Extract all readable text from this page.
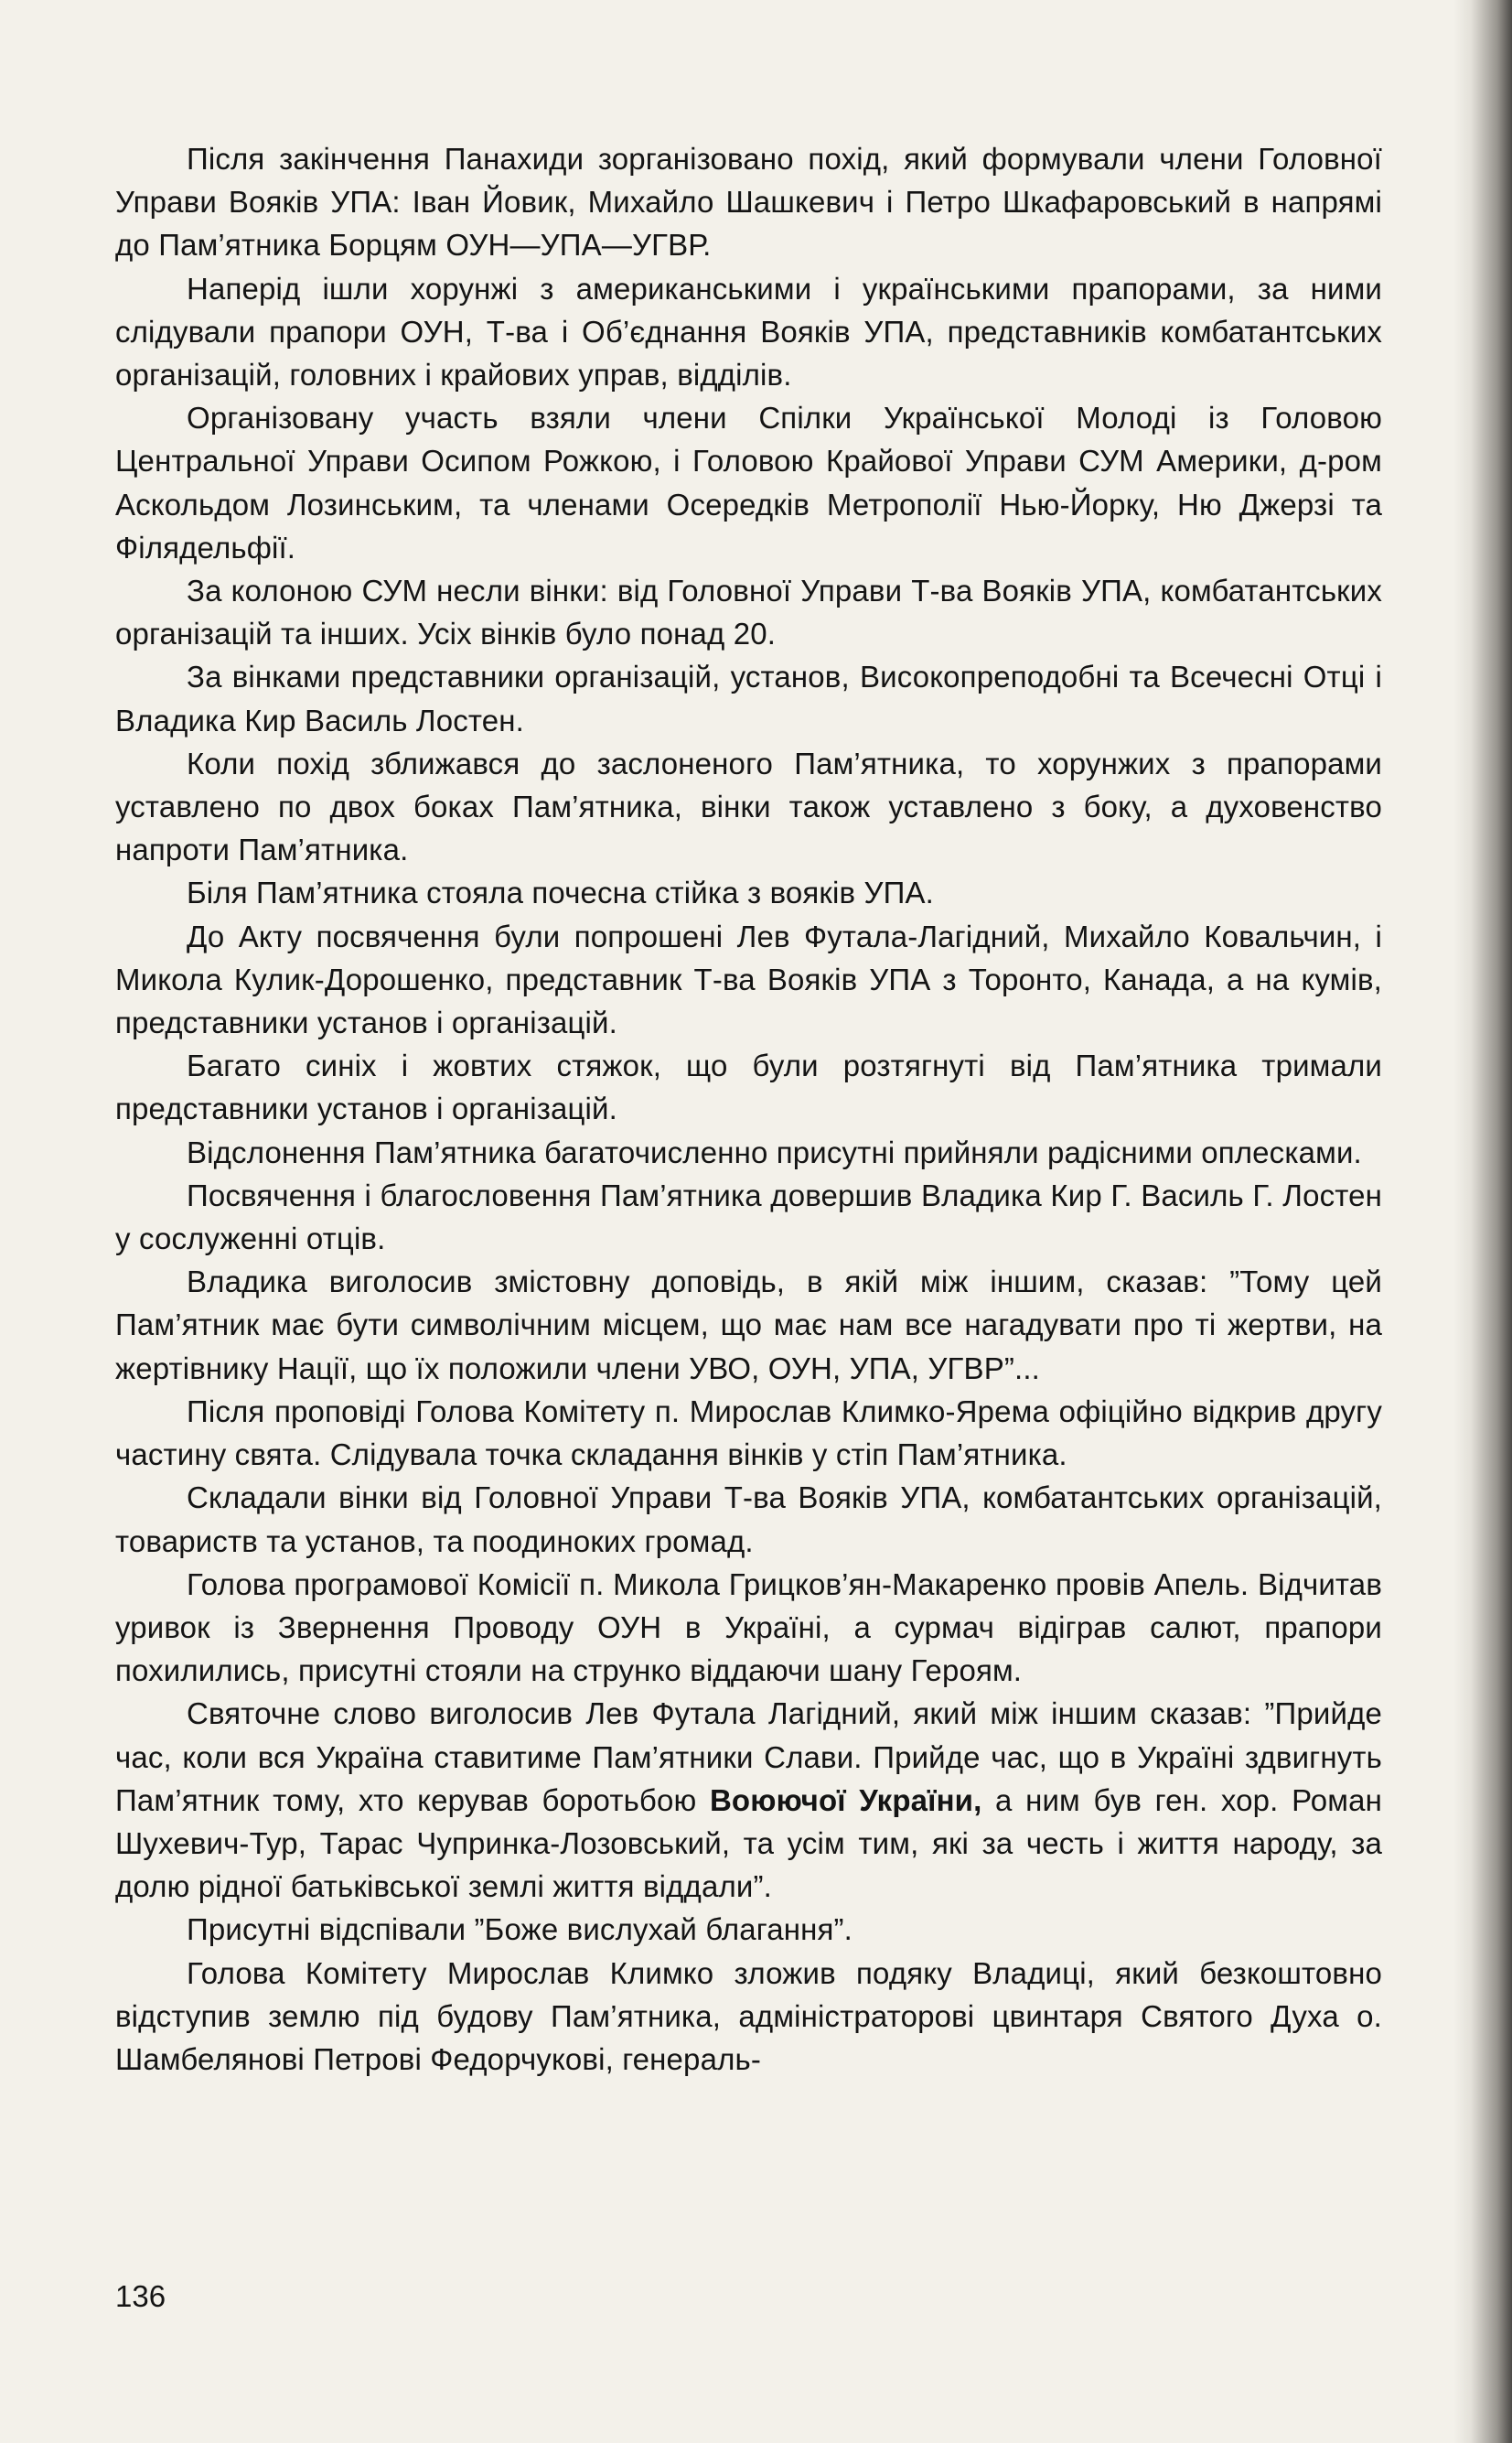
Після закінчення Панахиди зорганізовано похід, який формували члени Головної Управи Вояків УПА: Іван Йовик, Михайло Шашкевич і Петро Шкафаровський в напрямі до Пам’ятника Борцям ОУН—УПА—УГВР.

Напеpід ішли хорунжі з американськими і українськими прапорами, за ними слідували прапори ОУН, Т-ва і Об’єднання Вояків УПА, представників комбатантських організацій, головних і крайових управ, відділів.

Організовану участь взяли члени Спілки Української Молоді із Головою Центральної Управи Осипом Рожкою, і Головою Крайової Управи СУМ Америки, д-ром Аскольдом Лозинським, та членами Осередків Метрополії Нью-Йорку, Ню Джерзі та Філядельфії.

За колоною СУМ несли вінки: від Головної Управи Т-ва Вояків УПА, комбатантських організацій та інших. Усіх вінків було понад 20.

За вінками представники організацій, установ, Високопреподобні та Всечесні Отці і Владика Кир Василь Лостен.

Коли похід зближався до заслоненого Пам’ятника, то хорунжих з прапорами уставлено по двох боках Пам’ятника, вінки також уставлено з боку, а духовенство напроти Пам’ятника.

Біля Пам’ятника стояла почесна стійка з вояків УПА.

До Акту посвячення були попрошені Лев Футала-Лагідний, Михайло Ковальчин, і Микола Кулик-Дорошенко, представник Т-ва Вояків УПА з Торонто, Канада, а на кумів, представники установ і організацій.

Багато синіх і жовтих стяжок, що були розтягнуті від Пам’ятника тримали представники установ і організацій.

Відслонення Пам’ятника багаточисленно присутні прийняли радісними оплесками.

Посвячення і благословення Пам’ятника довершив Владика Кир Г. Василь Г. Лостен у сослуженні отців.

Владика виголосив змістовну доповідь, в якій між іншим, сказав: ”Тому цей Пам’ятник має бути символічним місцем, що має нам все нагадувати про ті жертви, на жертівнику Нації, що їх положили члени УВО, ОУН, УПА, УГВР”...

Після проповіді Голова Комітету п. Мирослав Климко-Ярема офіційно відкрив другу частину свята. Слідувала точка складання вінків у стіп Пам’ятника.

Складали вінки від Головної Управи Т-ва Вояків УПА, комбатантських організацій, товариств та установ, та поодиноких громад.

Голова програмової Комісії п. Микола Грицков’ян-Макаренко провів Апель. Відчитав уривок із Звернення Проводу ОУН в Україні, а сурмач відіграв салют, прапори похилились, присутні стояли на струнко віддаючи шану Героям.

Святочне слово виголосив Лев Футала Лагідний, який між іншим сказав: ”Прийде час, коли вся Україна ставитиме Пам’ятники Слави. Прийде час, що в Україні здвигнуть Пам’ятник тому, хто керував боротьбою Воюючої України, а ним був ген. хор. Роман Шухевич-Тур, Тарас Чупринка-Лозовський, та усім тим, які за честь і життя народу, за долю рідної батьківської землі життя віддали”.

Присутні відспівали ”Боже вислухай благання”.

Голова Комітету Мирослав Климко зложив подяку Владиці, який безкоштовно відступив землю під будову Пам’ятника, адміністраторові цвинтаря Святого Духа о. Шамбелянові Петрові Федорчукові, генераль-

136
